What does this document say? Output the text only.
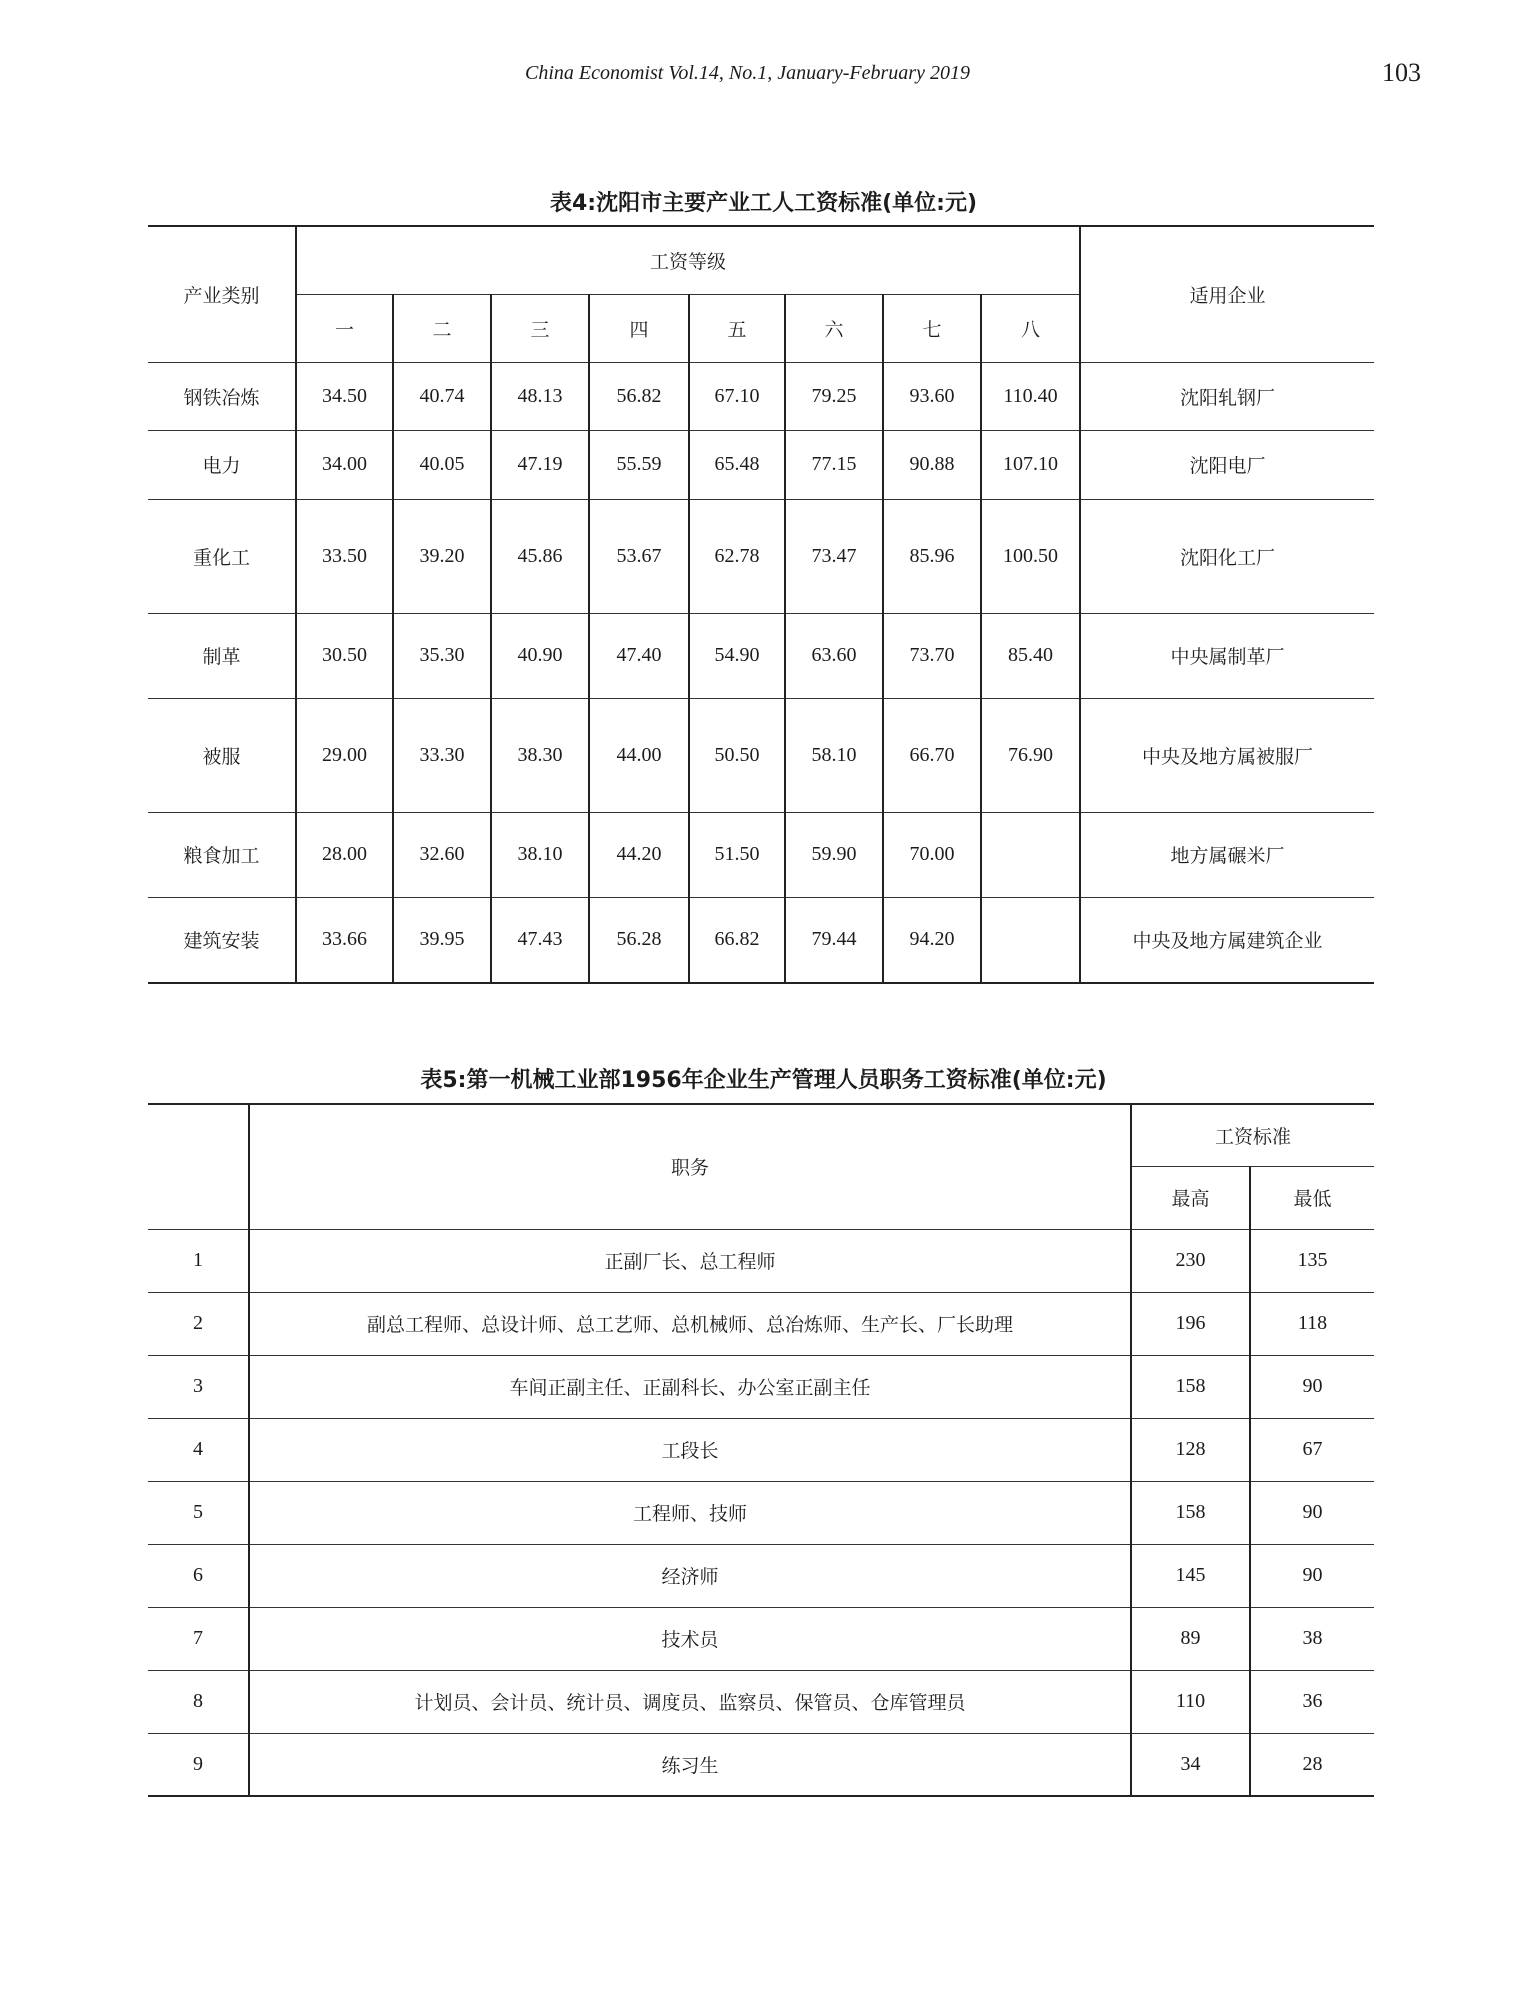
China Economist Vol.14, No.1, January-February 2019	103
表4:沈阳市主要产业工人工资标准(单位:元)
产业类别	工资等级								适用企业
	一	二	三	四	五	六	七	八	
钢铁冶炼	34.50	40.74	48.13	56.82	67.10	79.25	93.60	110.40	沈阳轧钢厂
电力	34.00	40.05	47.19	55.59	65.48	77.15	90.88	107.10	沈阳电厂
重化工	33.50	39.20	45.86	53.67	62.78	73.47	85.96	100.50	沈阳化工厂
制革	30.50	35.30	40.90	47.40	54.90	63.60	73.70	85.40	中央属制革厂
被服	29.00	33.30	38.30	44.00	50.50	58.10	66.70	76.90	中央及地方属被服厂
粮食加工	28.00	32.60	38.10	44.20	51.50	59.90	70.00		地方属碾米厂
建筑安装	33.66	39.95	47.43	56.28	66.82	79.44	94.20		中央及地方属建筑企业
表5:第一机械工业部1956年企业生产管理人员职务工资标准(单位:元)
	职务	工资标准	
		最高	最低
1	正副厂长、总工程师	230	135
2	副总工程师、总设计师、总工艺师、总机械师、总冶炼师、生产长、厂长助理	196	118
3	车间正副主任、正副科长、办公室正副主任	158	90
4	工段长	128	67
5	工程师、技师	158	90
6	经济师	145	90
7	技术员	89	38
8	计划员、会计员、统计员、调度员、监察员、保管员、仓库管理员	110	36
9	练习生	34	28
